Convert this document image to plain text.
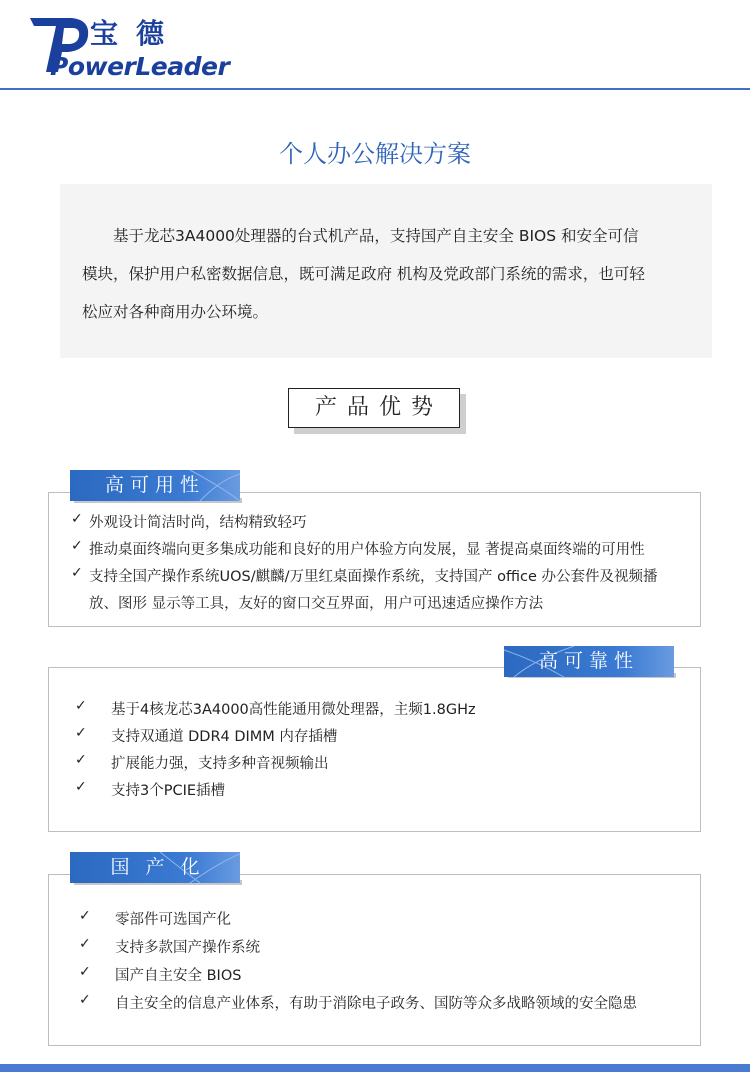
宝德
PowerLeader
个人办公解决方案
基于龙芯3A4000处理器的台式机产品，支持国产自主安全 BIOS 和安全可信
模块，保护用户私密数据信息，既可满足政府 机构及党政部门系统的需求，也可轻
松应对各种商用办公环境。
产品优势
外观设计简洁时尚，结构精致轻巧
推动桌面终端向更多集成功能和良好的用户体验方向发展，显 著提高桌面终端的可用性
支持全国产操作系统UOS/麒麟/万里红桌面操作系统，支持国产 office 办公套件及视频播
放、图形 显示等工具，友好的窗口交互界面，用户可迅速适应操作方法
✓
✓
✓
高可用性
✓ 基于4核龙芯3A4000高性能通用微处理器，主频1.8GHz
✓ 支持双通道 DDR4 DIMM 内存插槽
✓ 扩展能力强，支持多种音视频输出
✓ 支持3个PCIE插槽
高可靠性
✓ 零部件可选国产化
✓ 支持多款国产操作系统
✓ 国产自主安全 BIOS
✓ 自主安全的信息产业体系，有助于消除电子政务、国防等众多战略领域的安全隐患
国产化
